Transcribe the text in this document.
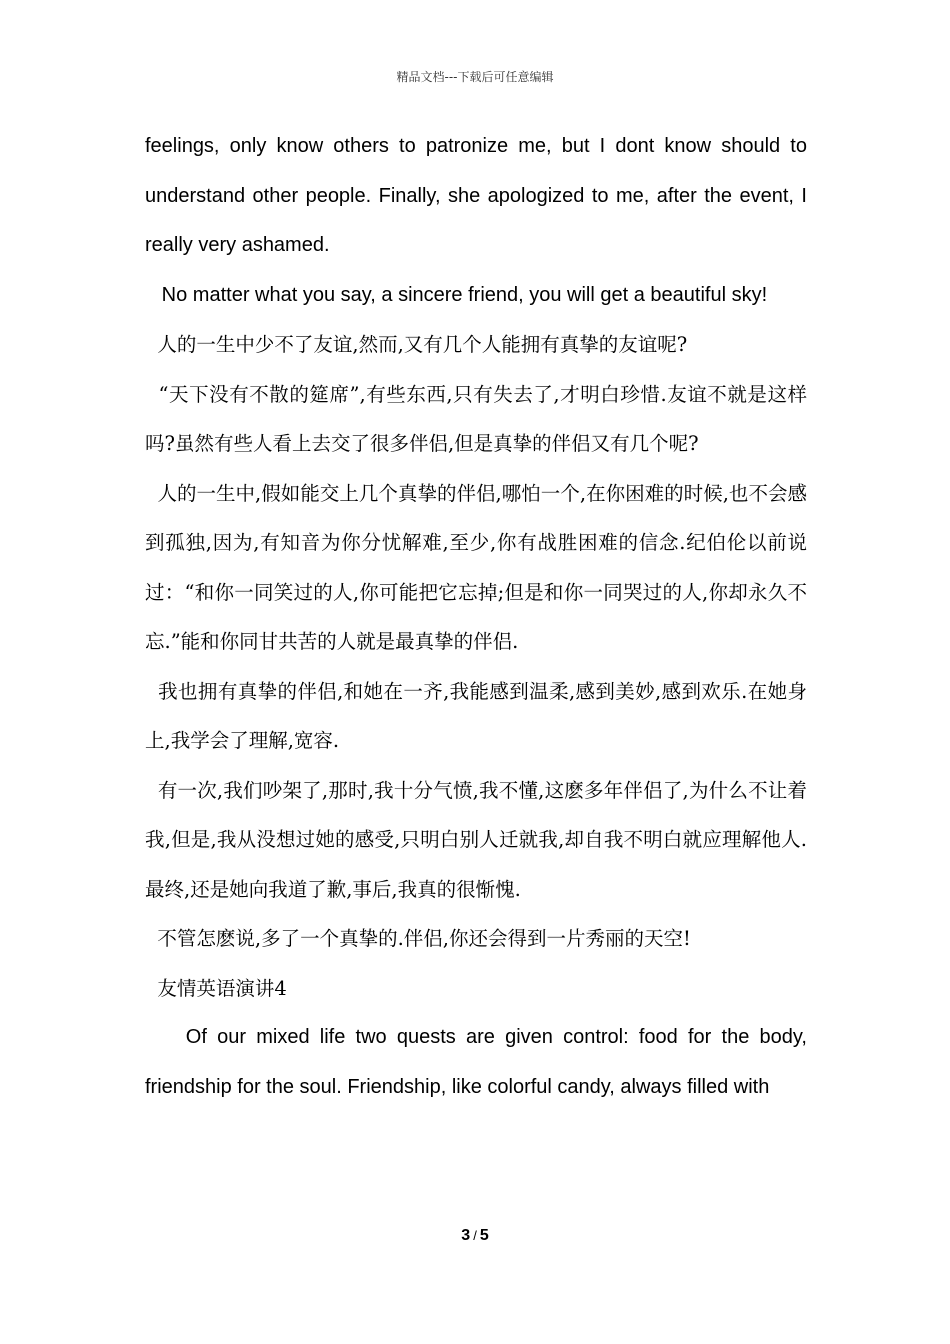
精品文档---下载后可任意编辑

feelings, only know others to patronize me, but I dont know should to understand other people. Finally, she apologized to me, after the event, I really very ashamed.

No matter what you say, a sincere friend, you will get a beautiful sky!

人的一生中少不了友谊,然而,又有几个人能拥有真挚的友谊呢?

“天下没有不散的筵席”,有些东西,只有失去了,才明白珍惜.友谊不就是这样吗?虽然有些人看上去交了很多伴侣,但是真挚的伴侣又有几个呢?

人的一生中,假如能交上几个真挚的伴侣,哪怕一个,在你困难的时候,也不会感到孤独,因为,有知音为你分忧解难,至少,你有战胜困难的信念.纪伯伦以前说过：“和你一同笑过的人,你可能把它忘掉;但是和你一同哭过的人,你却永久不忘.”能和你同甘共苦的人就是最真挚的伴侣.

我也拥有真挚的伴侣,和她在一齐,我能感到温柔,感到美妙,感到欢乐.在她身上,我学会了理解,宽容.

有一次,我们吵架了,那时,我十分气愤,我不懂,这麽多年伴侣了,为什么不让着我,但是,我从没想过她的感受,只明白别人迁就我,却自我不明白就应理解他人.最终,还是她向我道了歉,事后,我真的很惭愧.

不管怎麽说,多了一个真挚的.伴侣,你还会得到一片秀丽的天空!

友情英语演讲4

Of our mixed life two quests are given control: food for the body, friendship for the soul. Friendship, like colorful candy, always filled with

3 / 5
